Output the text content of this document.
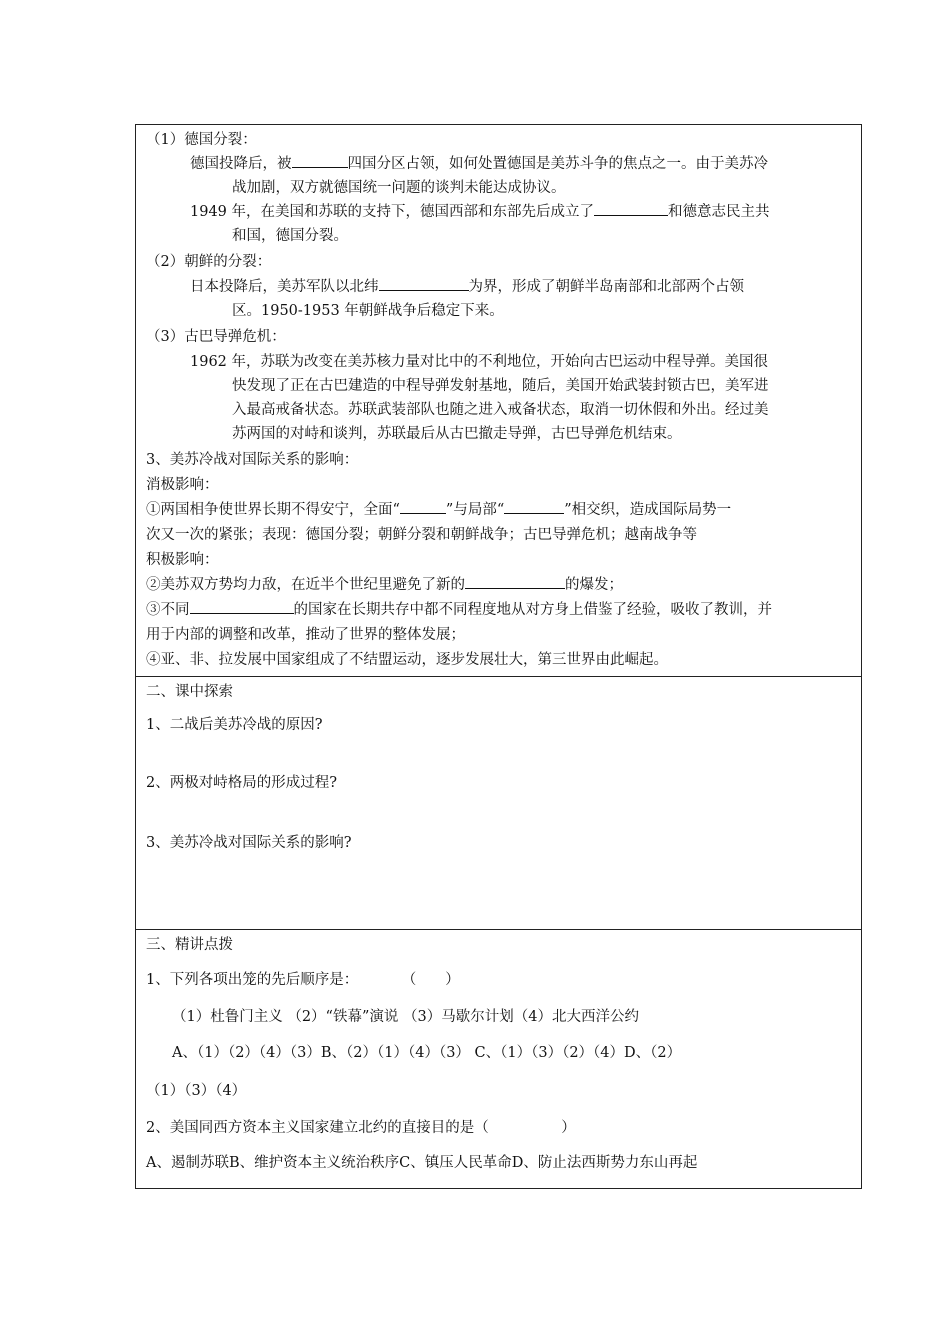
（1）德国分裂：
德国投降后，被	四国分区占领，如何处置德国是美苏斗争的焦点之一。由于美苏冷
战加剧，双方就德国统一问题的谈判未能达成协议。
1949 年，在美国和苏联的支持下，德国西部和东部先后成立了	和德意志民主共
和国，德国分裂。
（2）朝鲜的分裂：
日本投降后，美苏军队以北纬	为界，形成了朝鲜半岛南部和北部两个占领
区。1950-1953 年朝鲜战争后稳定下来。
（3）古巴导弹危机：
1962 年，苏联为改变在美苏核力量对比中的不利地位，开始向古巴运动中程导弹。美国很
快发现了正在古巴建造的中程导弹发射基地，随后，美国开始武装封锁古巴，美军进
入最高戒备状态。苏联武装部队也随之进入戒备状态，取消一切休假和外出。经过美
苏两国的对峙和谈判，苏联最后从古巴撤走导弹，古巴导弹危机结束。
3、美苏冷战对国际关系的影响：
消极影响：
①两国相争使世界长期不得安宁，全面“	”与局部“	”相交织，造成国际局势一
次又一次的紧张；表现：德国分裂；朝鲜分裂和朝鲜战争；古巴导弹危机；越南战争等
积极影响：
②美苏双方势均力敌，在近半个世纪里避免了新的	的爆发；
③不同	的国家在长期共存中都不同程度地从对方身上借鉴了经验，吸收了教训，并
用于内部的调整和改革，推动了世界的整体发展；
④亚、非、拉发展中国家组成了不结盟运动，逐步发展壮大，第三世界由此崛起。
二、课中探索
1、二战后美苏冷战的原因?
2、两极对峙格局的形成过程?
3、美苏冷战对国际关系的影响?
三、精讲点拨
1、下列各项出笼的先后顺序是：　　　　（　　）
（1）杜鲁门主义 （2）“铁幕”演说 （3）马歇尔计划（4）北大西洋公约
A、（1）（2）（4）（3）B、（2）（1）（4）（3） C、（1）（3）（2）（4）D、（2）
（1）（3）（4）
2、美国同西方资本主义国家建立北约的直接目的是（　　　　　）
A、遏制苏联B、维护资本主义统治秩序C、镇压人民革命D、防止法西斯势力东山再起
